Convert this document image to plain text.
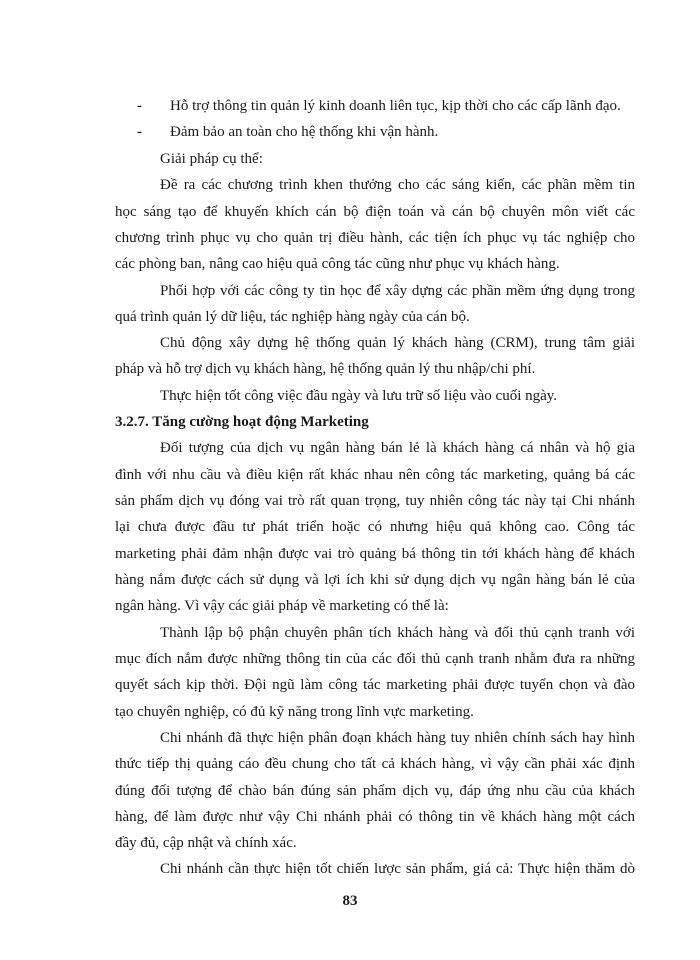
- Hỗ trợ thông tin quản lý kinh doanh liên tục, kịp thời cho các cấp lãnh đạo.
- Đảm bảo an toàn cho hệ thống khi vận hành.
Giải pháp cụ thể:
Đề ra các chương trình khen thưởng cho các sáng kiến, các phần mềm tin
học sáng tạo để khuyến khích cán bộ điện toán và cán bộ chuyên môn viết các
chương trình phục vụ cho quản trị điều hành, các tiện ích phục vụ tác nghiệp cho
các phòng ban, nâng cao hiệu quả công tác cũng như phục vụ khách hàng.
Phối hợp với các công ty tin học để xây dựng các phần mềm ứng dụng trong
quá trình quản lý dữ liệu, tác nghiệp hàng ngày của cán bộ.
Chủ động xây dựng hệ thống quản lý khách hàng (CRM), trung tâm giải
pháp và hỗ trợ dịch vụ khách hàng, hệ thống quản lý thu nhập/chi phí.
Thực hiện tốt công việc đầu ngày và lưu trữ số liệu vào cuối ngày.
3.2.7. Tăng cường hoạt động Marketing
Đối tượng của dịch vụ ngân hàng bán lẻ là khách hàng cá nhân và hộ gia
đình với nhu cầu và điều kiện rất khác nhau nên công tác marketing, quảng bá các
sản phẩm dịch vụ đóng vai trò rất quan trọng, tuy nhiên công tác này tại Chi nhánh
lại chưa được đầu tư phát triển hoặc có nhưng hiệu quả không cao. Công tác
marketing phải đảm nhận được vai trò quảng bá thông tin tới khách hàng để khách
hàng nắm được cách sử dụng và lợi ích khi sử dụng dịch vụ ngân hàng bán lẻ của
ngân hàng. Vì vậy các giải pháp về marketing có thể là:
Thành lập bộ phận chuyên phân tích khách hàng và đối thủ cạnh tranh với
mục đích nắm được những thông tin của các đối thủ cạnh tranh nhằm đưa ra những
quyết sách kịp thời. Đội ngũ làm công tác marketing phải được tuyển chọn và đào
tạo chuyên nghiệp, có đủ kỹ năng trong lĩnh vực marketing.
Chi nhánh đã thực hiện phân đoạn khách hàng tuy nhiên chính sách hay hình
thức tiếp thị quảng cáo đều chung cho tất cả khách hàng, vì vậy cần phải xác định
đúng đối tượng để chào bán đúng sản phẩm dịch vụ, đáp ứng nhu cầu của khách
hàng, để làm được như vậy Chi nhánh phải có thông tin về khách hàng một cách
đầy đủ, cập nhật và chính xác.
Chi nhánh cần thực hiện tốt chiến lược sản phẩm, giá cả: Thực hiện thăm dò
83
